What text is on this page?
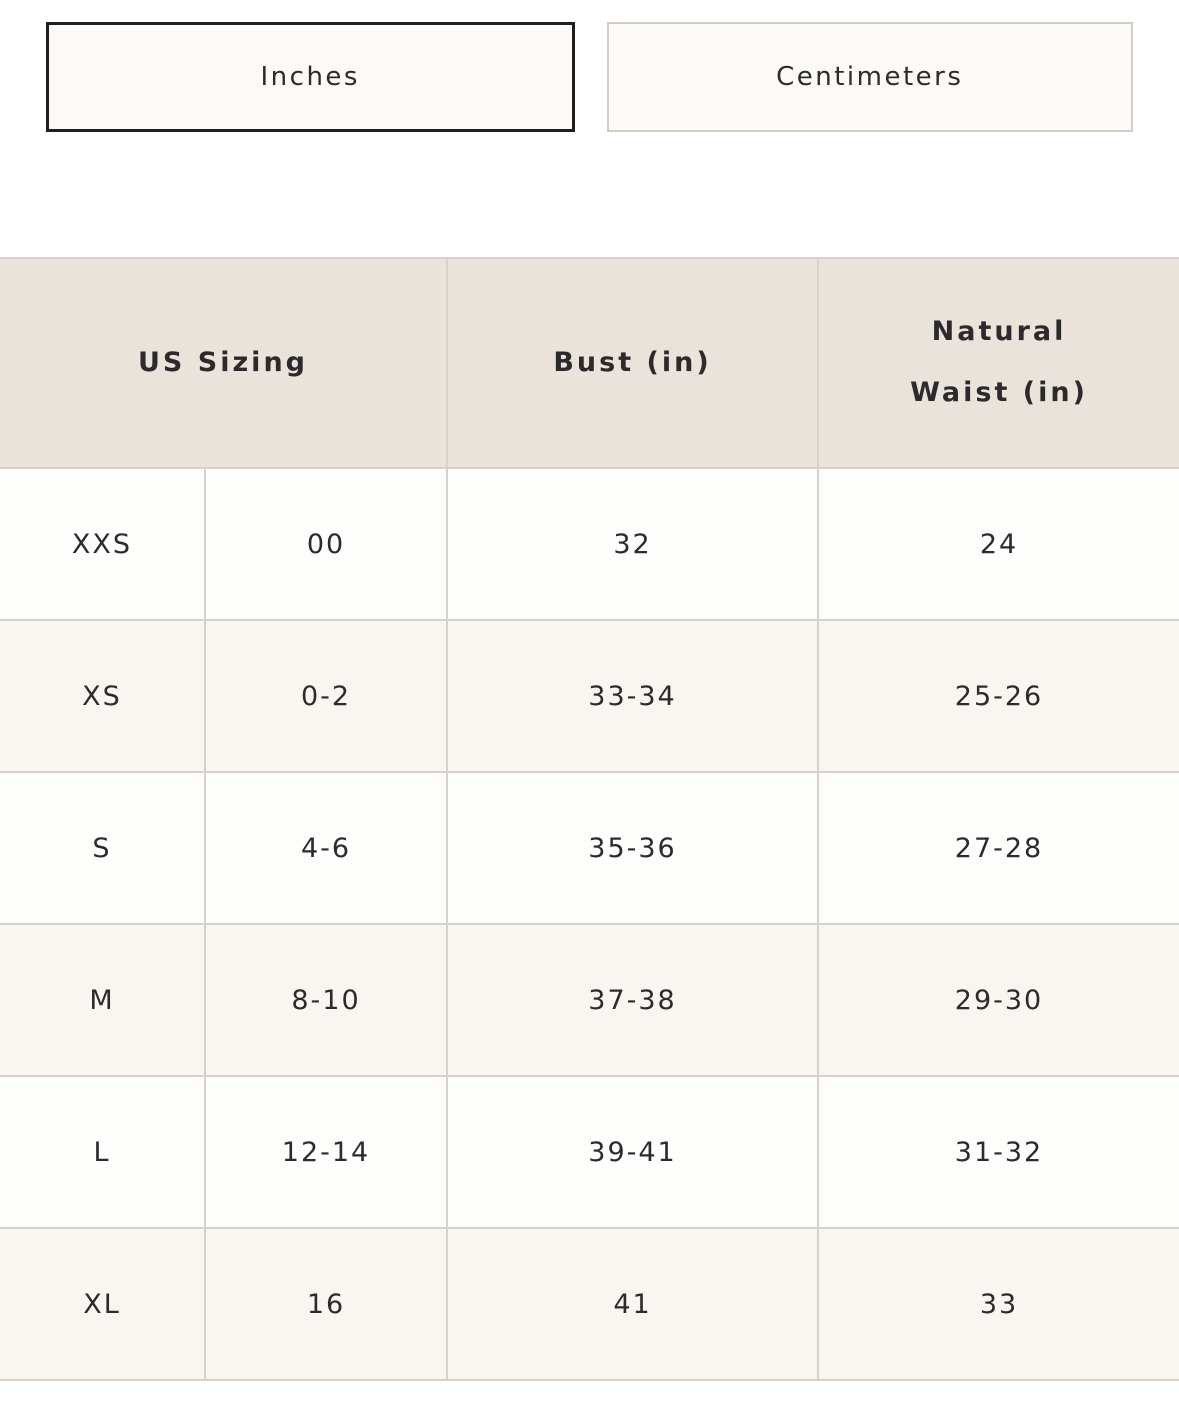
Inches	Centimeters
US Sizing		Bust (in)	Natural Waist (in)

XXS	00	32	24
XS	0-2	33-34	25-26
S	4-6	35-36	27-28
M	8-10	37-38	29-30
L	12-14	39-41	31-32
XL	16	41	33
